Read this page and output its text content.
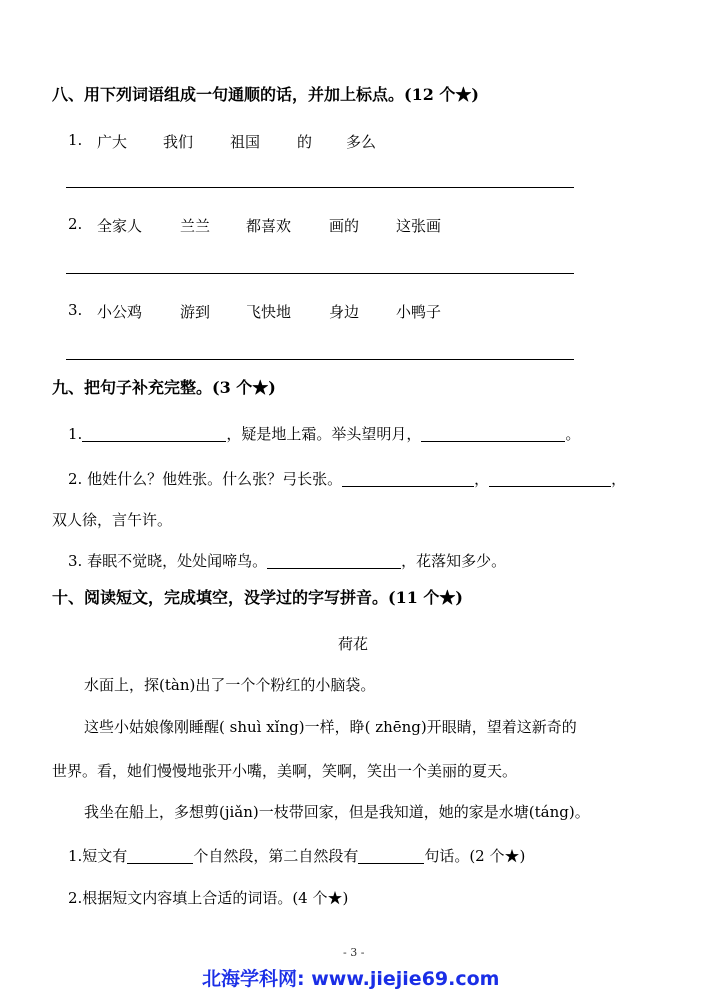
八、用下列词语组成一句通顺的话，并加上标点。(12 个★)
1. 广大 我们 祖国 的 多么
2. 全家人	兰兰 都喜欢	画的 这张画
3. 小公鸡	游到 飞快地	身边 小鸭子
九、把句子补充完整。(3 个★)
1.	，疑是地上霜。举头望明月，	。
2. 他姓什么？他姓张。什么张？弓长张。	，	，
双人徐，言午许。
3. 春眠不觉晓，处处闻啼鸟。	，花落知多少。
十、阅读短文，完成填空，没学过的字写拼音。(11 个★)
荷花
水面上，探(tàn)出了一个个粉红的小脑袋。
这些小姑娘像刚睡醒( shuì xǐng)一样，睁( zhēng)开眼睛，望着这新奇的
世界。看，她们慢慢地张开小嘴，美啊，笑啊，笑出一个美丽的夏天。
我坐在船上，多想剪(jiǎn)一枝带回家，但是我知道，她的家是水塘(táng)。
1.短文有	个自然段，第二自然段有	句话。(2 个★)
2.根据短文内容填上合适的词语。(4 个★)
- 3 -
北海学科网: www.jiejie69.com
